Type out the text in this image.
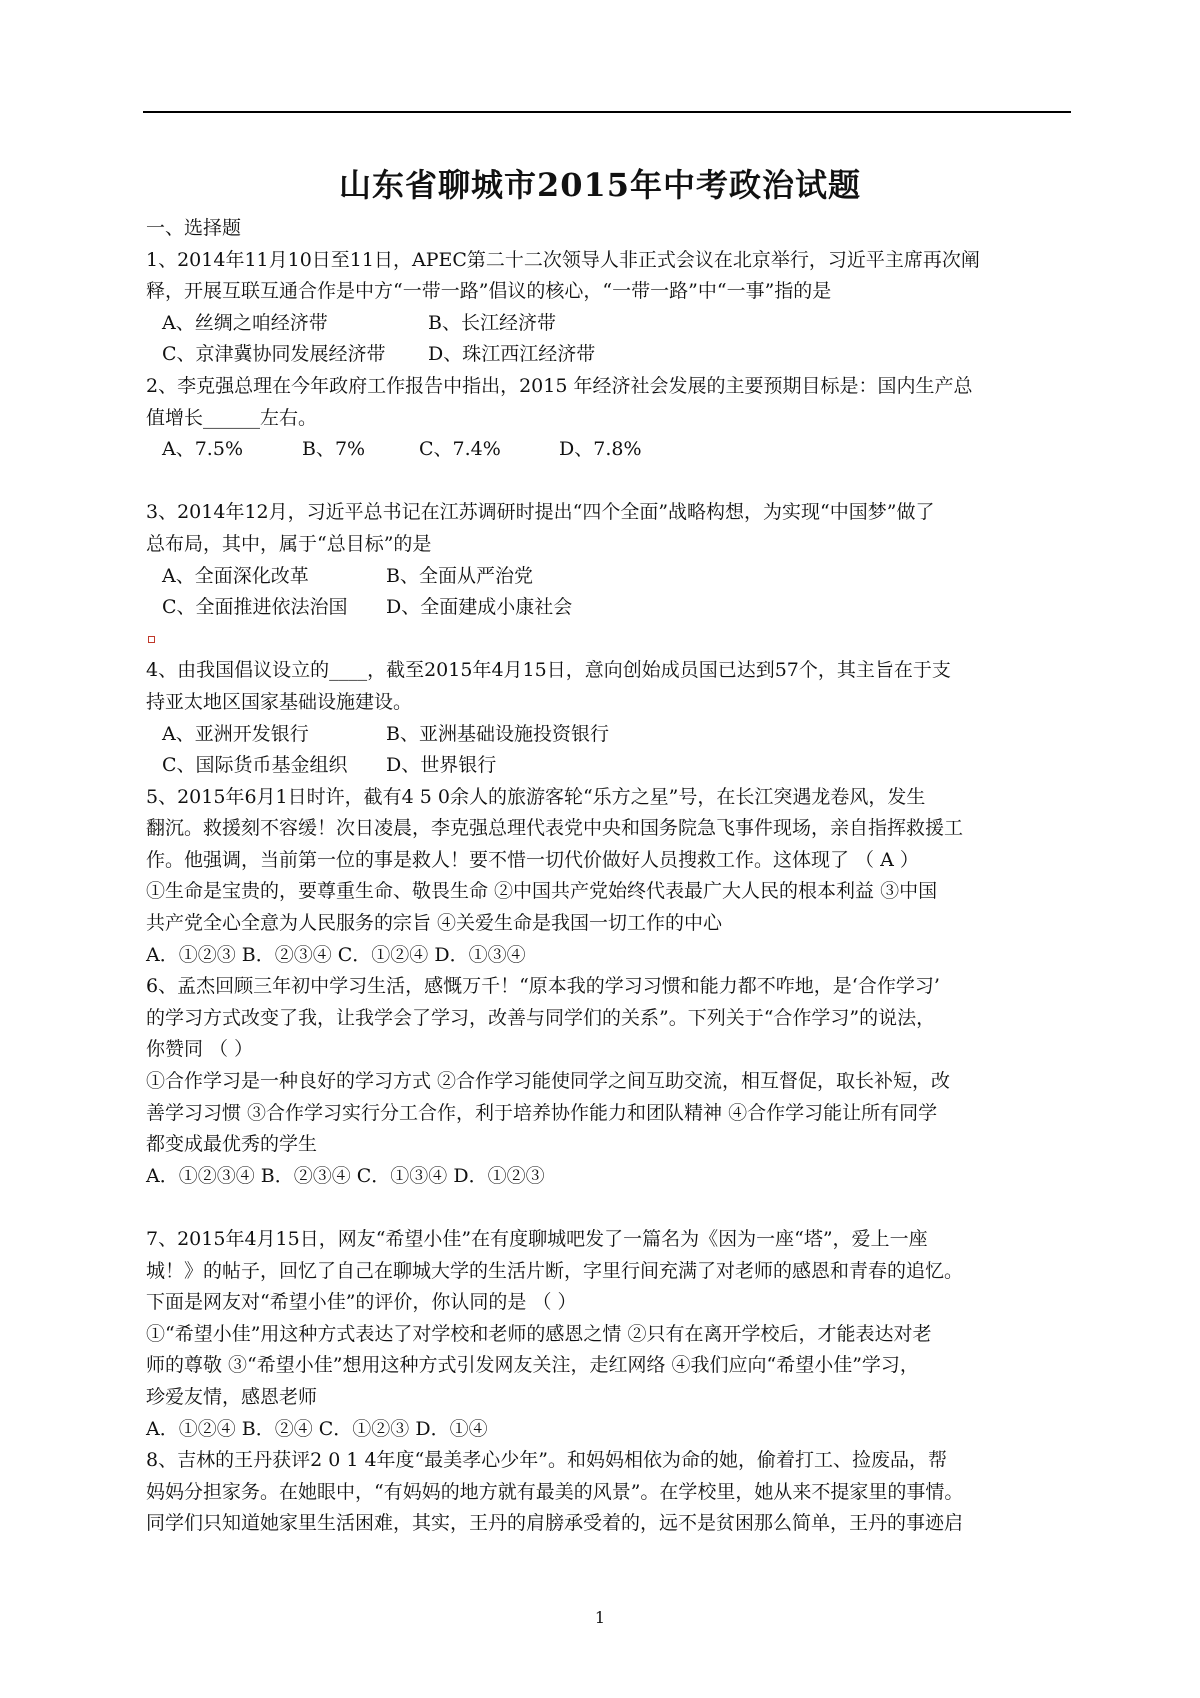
山东省聊城市2015年中考政治试题
一、选择题
1、2014年11月10日至11日，APEC第二十二次领导人非正式会议在北京举行，习近平主席再次阐
释，开展互联互通合作是中方“一带一路”倡议的核心，“一带一路”中“一事”指的是
A、丝绸之咱经济带	B、长江经济带
C、京津冀协同发展经济带 D、珠江西江经济带
2、李克强总理在今年政府工作报告中指出，2015 年经济社会发展的主要预期目标是：国内生产总
值增长______左右。
A、7.5%	B、7%	C、7.4%	D、7.8%
3、2014年12月，习近平总书记在江苏调研时提出“四个全面”战略构想，为实现“中国梦”做了
总布局，其中，属于“总目标”的是
A、全面深化改革	B、全面从严治党
C、全面推进依法治国 D、全面建成小康社会
4、由我国倡议设立的____，截至2015年4月15日，意向创始成员国已达到57个，其主旨在于支
持亚太地区国家基础设施建设。
A、亚洲开发银行	B、亚洲基础设施投资银行
C、国际货币基金组织 D、世界银行
5、2015年6月1日时许，截有4 5 0余人的旅游客轮“乐方之星”号，在长江突遇龙卷风，发生
翻沉。救援刻不容缓！次日凌晨，李克强总理代表党中央和国务院急飞事件现场，亲自指挥救援工
作。他强调，当前第一位的事是救人！要不惜一切代价做好人员搜救工作。这体现了 （ A ）
①生命是宝贵的，要尊重生命、敬畏生命 ②中国共产党始终代表最广大人民的根本利益 ③中国
共产党全心全意为人民服务的宗旨 ④关爱生命是我国一切工作的中心
A．①②③ B．②③④ C．①②④ D．①③④
6、孟杰回顾三年初中学习生活，感慨万千！“原本我的学习习惯和能力都不咋地，是‘合作学习’
的学习方式改变了我，让我学会了学习，改善与同学们的关系”。下列关于“合作学习”的说法，
你赞同 （ ）
①合作学习是一种良好的学习方式 ②合作学习能使同学之间互助交流，相互督促，取长补短，改
善学习习惯 ③合作学习实行分工合作，利于培养协作能力和团队精神 ④合作学习能让所有同学
都变成最优秀的学生
A．①②③④ B．②③④ C．①③④ D．①②③
7、2015年4月15日，网友“希望小佳”在有度聊城吧发了一篇名为《因为一座“塔”，爱上一座
城！》的帖子，回忆了自己在聊城大学的生活片断，字里行间充满了对老师的感恩和青春的追忆。
下面是网友对“希望小佳”的评价，你认同的是 （ ）
①“希望小佳”用这种方式表达了对学校和老师的感恩之情 ②只有在离开学校后，才能表达对老
师的尊敬 ③“希望小佳”想用这种方式引发网友关注，走红网络 ④我们应向“希望小佳”学习，
珍爱友情，感恩老师
A．①②④ B．②④ C．①②③ D．①④
8、吉林的王丹获评2 0 1 4年度“最美孝心少年”。和妈妈相依为命的她，偷着打工、捡废品，帮
妈妈分担家务。在她眼中，“有妈妈的地方就有最美的风景”。在学校里，她从来不提家里的事情。
同学们只知道她家里生活困难，其实，王丹的肩膀承受着的，远不是贫困那么简单，王丹的事迹启
1
